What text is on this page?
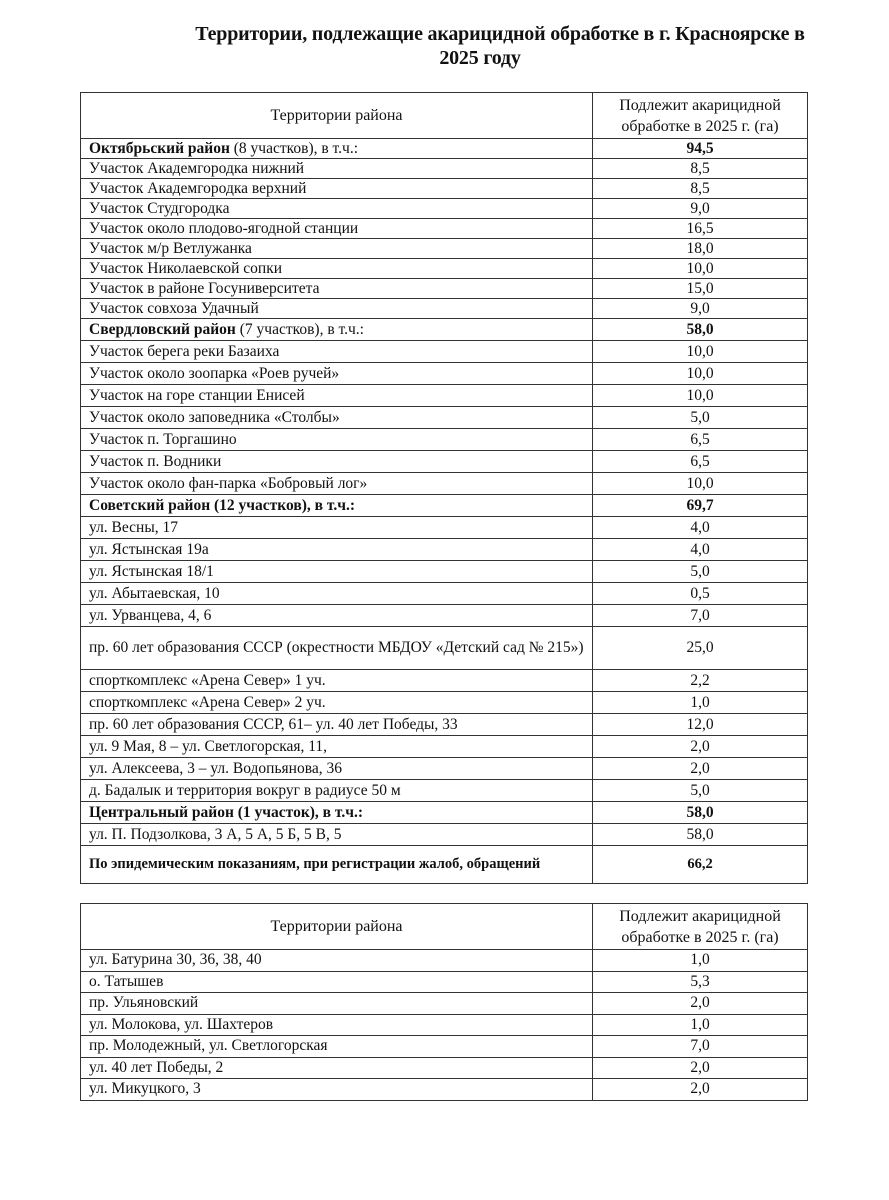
Территории, подлежащие акарицидной обработке в г. Красноярске в
2025 году
Территории района	Подлежит акарицидной обработке в 2025 г. (га)
Октябрьский район (8 участков), в т.ч.:	94,5
Участок Академгородка нижний	8,5
Участок Академгородка верхний	8,5
Участок Студгородка	9,0
Участок около плодово-ягодной станции	16,5
Участок м/р Ветлужанка	18,0
Участок Николаевской сопки	10,0
Участок в районе Госуниверситета	15,0
Участок совхоза Удачный	9,0
Свердловский район (7 участков), в т.ч.:	58,0
Участок берега реки Базаиха	10,0
Участок около зоопарка «Роев ручей»	10,0
Участок на горе станции Енисей	10,0
Участок около заповедника «Столбы»	5,0
Участок п. Торгашино	6,5
Участок п. Водники	6,5
Участок около фан-парка «Бобровый лог»	10,0
Советский район (12 участков), в т.ч.:	69,7
ул. Весны, 17	4,0
ул. Ястынская 19а	4,0
ул. Ястынская 18/1	5,0
ул. Абытаевская, 10	0,5
ул. Урванцева, 4, 6	7,0
пр. 60 лет образования СССР (окрестности МБДОУ «Детский сад № 215»)	25,0
спорткомплекс «Арена Север» 1 уч.	2,2
спорткомплекс «Арена Север» 2 уч.	1,0
пр. 60 лет образования СССР, 61– ул. 40 лет Победы, 33	12,0
ул. 9 Мая, 8 – ул. Светлогорская, 11,	2,0
ул. Алексеева, 3 – ул. Водопьянова, 36	2,0
д. Бадалык и территория вокруг в радиусе 50 м	5,0
Центральный район (1 участок), в т.ч.:	58,0
ул. П. Подзолкова, 3 А, 5 А, 5 Б, 5 В, 5	58,0
По эпидемическим показаниям, при регистрации жалоб, обращений	66,2
Территории района	Подлежит акарицидной обработке в 2025 г. (га)
ул. Батурина 30, 36, 38, 40	1,0
о. Татышев	5,3
пр. Ульяновский	2,0
ул. Молокова, ул. Шахтеров	1,0
пр. Молодежный, ул. Светлогорская	7,0
ул. 40 лет Победы, 2	2,0
ул. Микуцкого, 3	2,0
